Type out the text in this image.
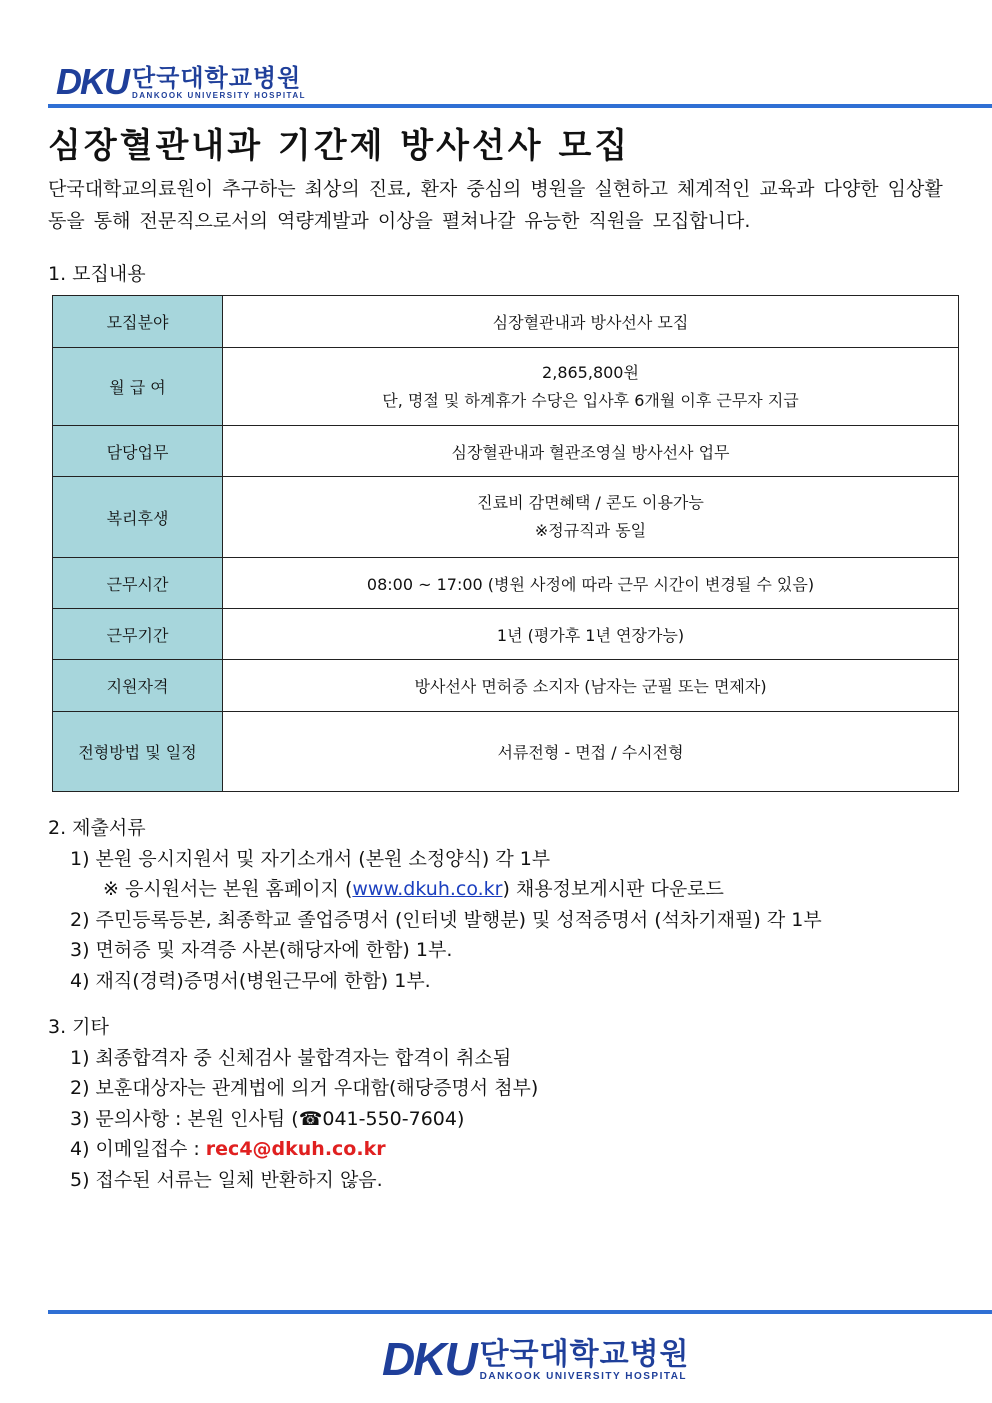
DKU 단국대학교병원
DANKOOK UNIVERSITY HOSPITAL
심장혈관내과 기간제 방사선사 모집
단국대학교의료원이 추구하는 최상의 진료, 환자 중심의 병원을 실현하고 체계적인 교육과 다양한 임상활동을 통해 전문직으로서의 역량계발과 이상을 펼쳐나갈 유능한 직원을 모집합니다.
1. 모집내용
모집분야	심장혈관내과 방사선사 모집
월 급 여	2,865,800원
단, 명절 및 하계휴가 수당은 입사후 6개월 이후 근무자 지급

담당업무	심장혈관내과 혈관조영실 방사선사 업무
복리후생	진료비 감면혜택 / 콘도 이용가능
※정규직과 동일

근무시간	08:00 ~ 17:00 (병원 사정에 따라 근무 시간이 변경될 수 있음)
근무기간	1년 (평가후 1년 연장가능)
지원자격	방사선사 면허증 소지자 (남자는 군필 또는 면제자)
전형방법 및 일정	서류전형 - 면접 / 수시전형
2. 제출서류
1) 본원 응시지원서 및 자기소개서 (본원 소정양식) 각 1부
※ 응시원서는 본원 홈페이지 (www.dkuh.co.kr) 채용정보게시판 다운로드
2) 주민등록등본, 최종학교 졸업증명서 (인터넷 발행분) 및 성적증명서 (석차기재필) 각 1부
3) 면허증 및 자격증 사본(해당자에 한함) 1부.
4) 재직(경력)증명서(병원근무에 한함) 1부.
3. 기타
1) 최종합격자 중 신체검사 불합격자는 합격이 취소됨
2) 보훈대상자는 관계법에 의거 우대함(해당증명서 첨부)
3) 문의사항 : 본원 인사팀 (☎041-550-7604)
4) 이메일접수 : rec4@dkuh.co.kr
5) 접수된 서류는 일체 반환하지 않음.
DKU 단국대학교병원
DANKOOK UNIVERSITY HOSPITAL
